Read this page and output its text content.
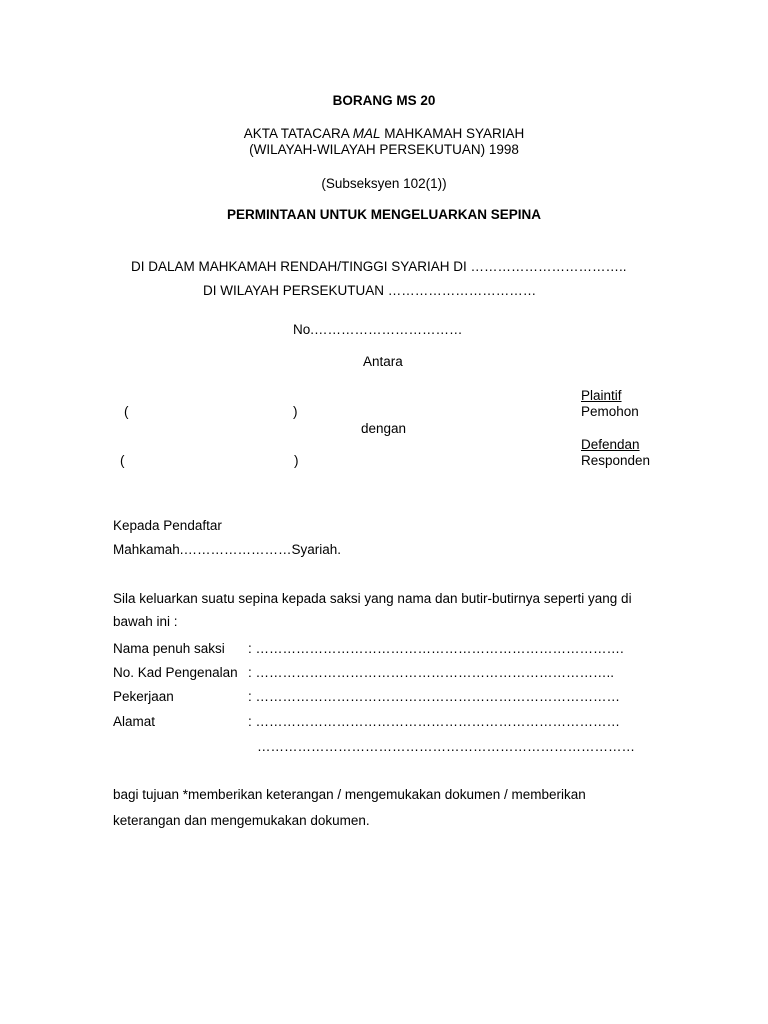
BORANG MS 20
AKTA TATACARA MAL MAHKAMAH SYARIAH
(WILAYAH-WILAYAH PERSEKUTUAN) 1998
(Subseksyen 102(1))
PERMINTAAN UNTUK MENGELUARKAN SEPINA
DI DALAM MAHKAMAH RENDAH/TINGGI SYARIAH DI ……………………………..
DI WILAYAH PERSEKUTUAN ……………………………
No.……………………………
Antara
Plaintif
(	)	Pemohon
dengan
Defendan
(	)	Responden
Kepada Pendaftar
Mahkamah.……………………Syariah.
Sila keluarkan suatu sepina kepada saksi yang nama dan butir-butirnya seperti yang di
bawah ini :
Nama penuh saksi : ……………………………………………………………………….
No. Kad Pengenalan : ……………………………………………………………………..
Pekerjaan	: ………………………………………………………………………
Alamat	: ………………………………………………………………………
…………………………………………………………………………
bagi tujuan *memberikan keterangan / mengemukakan dokumen / memberikan
keterangan dan mengemukakan dokumen.
